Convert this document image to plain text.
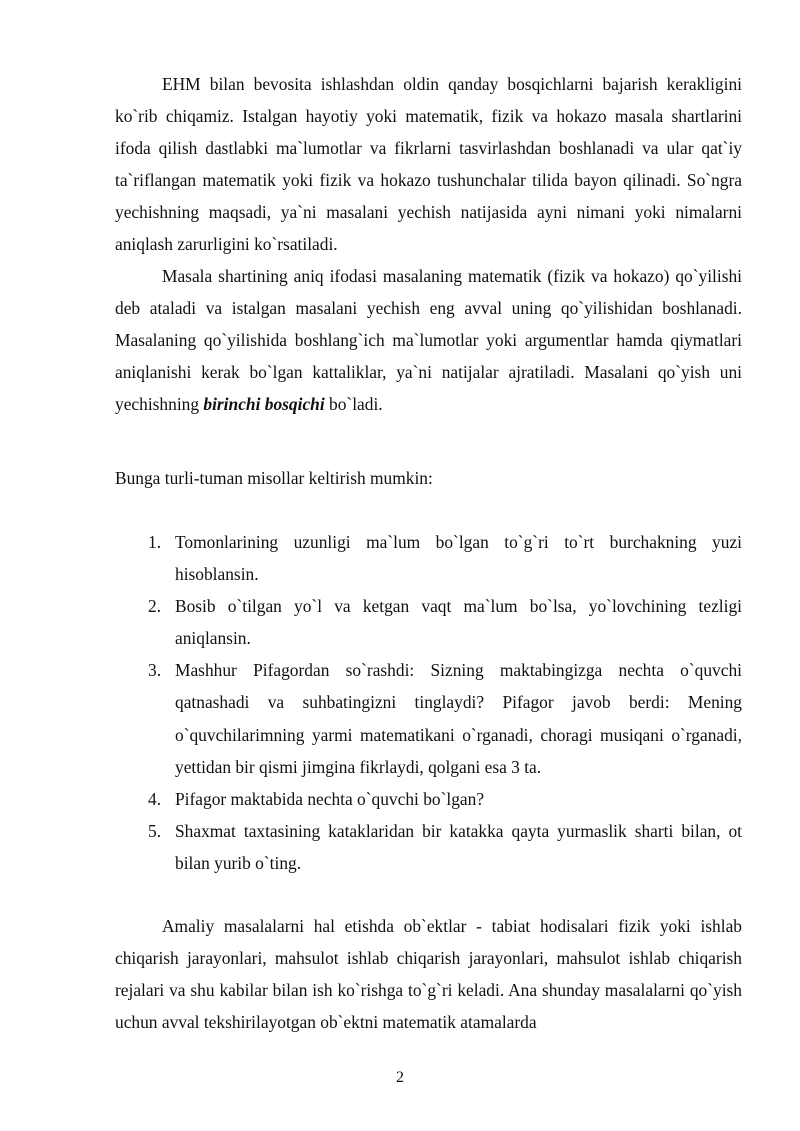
EHM bilan bevosita ishlashdan oldin qanday bosqichlarni bajarish kerakligini ko`rib chiqamiz. Istalgan hayotiy yoki matematik, fizik va hokazo masala shartlarini ifoda qilish dastlabki ma`lumotlar va fikrlarni tasvirlashdan boshlanadi va ular qat`iy ta`riflangan matematik yoki fizik va hokazo tushunchalar tilida bayon qilinadi. So`ngra yechishning maqsadi, ya`ni masalani yechish natijasida ayni nimani yoki nimalarni aniqlash zarurligini ko`rsatiladi.
Masala shartining aniq ifodasi masalaning matematik (fizik va hokazo) qo`yilishi deb ataladi va istalgan masalani yechish eng avval uning qo`yilishidan boshlanadi. Masalaning qo`yilishida boshlang`ich ma`lumotlar yoki argumentlar hamda qiymatlari aniqlanishi kerak bo`lgan kattaliklar, ya`ni natijalar ajratiladi. Masalani qo`yish uni yechishning birinchi bosqichi bo`ladi.
Bunga turli-tuman misollar keltirish mumkin:
1. Tomonlarining uzunligi ma`lum bo`lgan to`g`ri to`rt burchakning yuzi hisoblansin.
2. Bosib o`tilgan yo`l va ketgan vaqt ma`lum bo`lsa, yo`lovchining tezligi aniqlansin.
3. Mashhur Pifagordan so`rashdi: Sizning maktabingizga nechta o`quvchi qatnashadi va suhbatingizni tinglaydi? Pifagor javob berdi: Mening o`quvchilarimning yarmi matematikani o`rganadi, choragi musiqani o`rganadi, yettidan bir qismi jimgina fikrlaydi, qolgani esa 3 ta.
4. Pifagor maktabida nechta o`quvchi bo`lgan?
5. Shaxmat taxtasining kataklaridan bir katakka qayta yurmaslik sharti bilan, ot bilan yurib o`ting.
Amaliy masalalarni hal etishda ob`ektlar - tabiat hodisalari fizik yoki ishlab chiqarish jarayonlari, mahsulot ishlab chiqarish jarayonlari, mahsulot ishlab chiqarish rejalari va shu kabilar bilan ish ko`rishga to`g`ri keladi. Ana shunday masalalarni qo`yish uchun avval tekshirilayotgan ob`ektni matematik atamalarda
2
